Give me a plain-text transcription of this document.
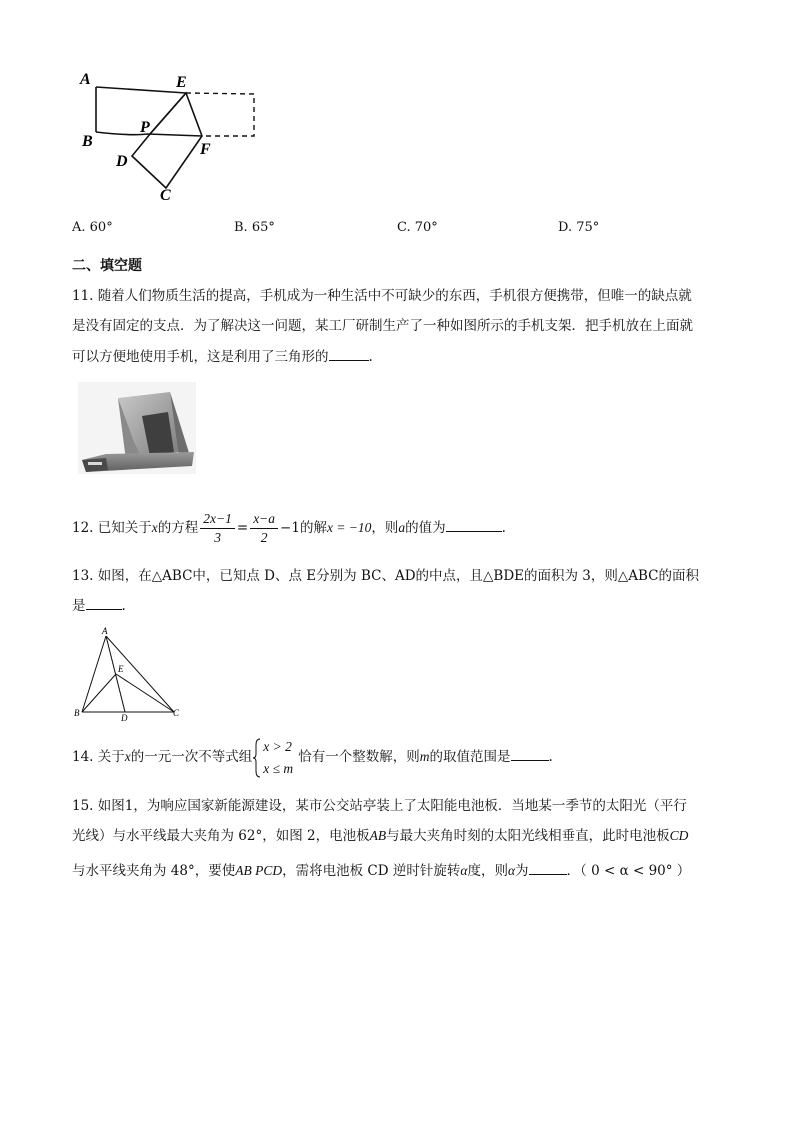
A	E
B
P
F
D
C
A. 60°	B. 65°	C. 70°	D. 75°
二、填空题
11. 随着人们物质生活的提高，手机成为一种生活中不可缺少的东西，手机很方便携带，但唯一的缺点就
是没有固定的支点．为了解决这一问题，某工厂研制生产了一种如图所示的手机支架．把手机放在上面就
可以方便地使用手机，这是利用了三角形的	.
12. 已知关于x的方程 $\frac{2x-1}{3} = \frac{x-a}{2} -1$的解x = −10，则a的值为	.
13. 如图，在△ABC中，已知点 D、点 E分别为 BC、AD的中点，且△BDE的面积为 3，则△ABC的面积
是	.
A
E
B	D	C
14. 关于x的一元一次不等式组
x > 2
x ≤ m
恰有一个整数解，则m的取值范围是	.
15. 如图1，为响应国家新能源建设，某市公交站亭装上了太阳能电池板．当地某一季节的太阳光（平行
光线）与水平线最大夹角为 62°，如图 2，电池板AB与最大夹角时刻的太阳光线相垂直，此时电池板CD
与水平线夹角为 48°，要使AB PCD，需将电池板 CD 逆时针旋转α度，则α为	．（ 0 < α < 90° ）
